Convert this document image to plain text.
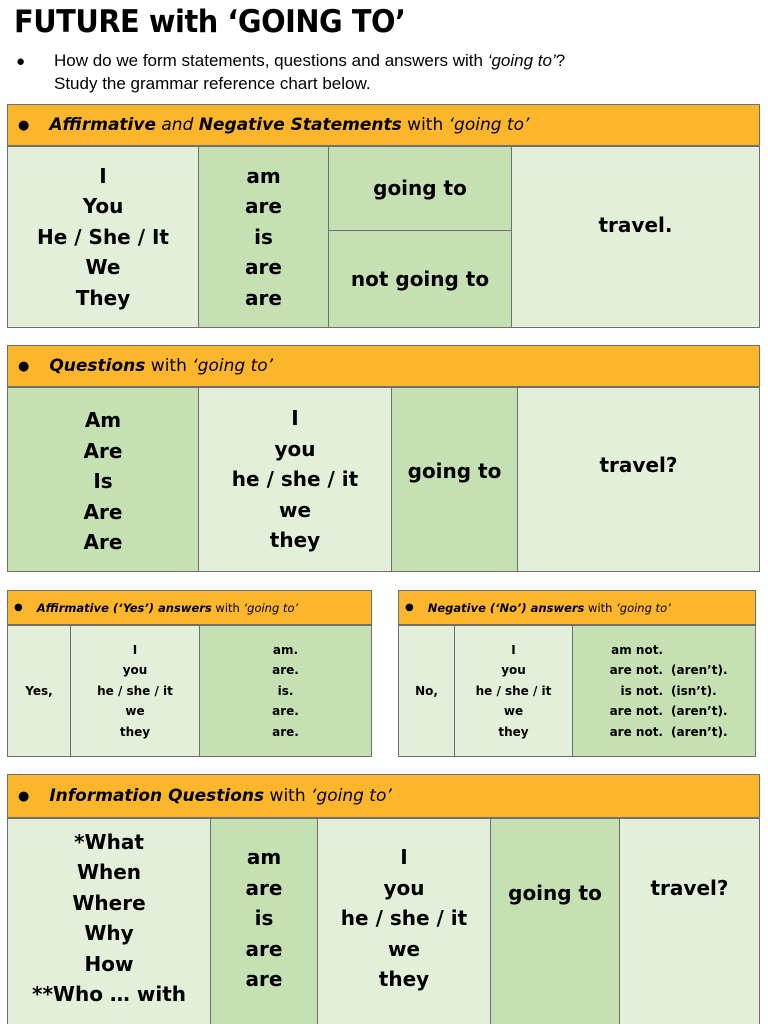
FUTURE with ‘GOING TO’
● How do we form statements, questions and answers with ‘going to’?
Study the grammar reference chart below.
● Affirmative and Negative Statements with ‘going to’
I
You
He / She / It
We
They
am
are
is
are
are
going to
not going to
travel.
● Questions with ‘going to’
Am
Are
Is
Are
Are
I
you
he / she / it
we
they
going to	travel?
● Affirmative (‘Yes’) answers with ‘going to’
Yes,
I
you
he / she / it
we
they
am.
are.
is.
are.
are.
● Negative (‘No’) answers with ‘going to’
No,
I
you
he / she / it
we
they
am not.
are not. (aren’t).
is not. (isn’t).
are not. (aren’t).
are not. (aren’t).
● Information Questions with ‘going to’
*What
When
Where
Why
How
**Who … with
am
are
is
are
are
I
you
he / she / it
we
they
going to travel?
